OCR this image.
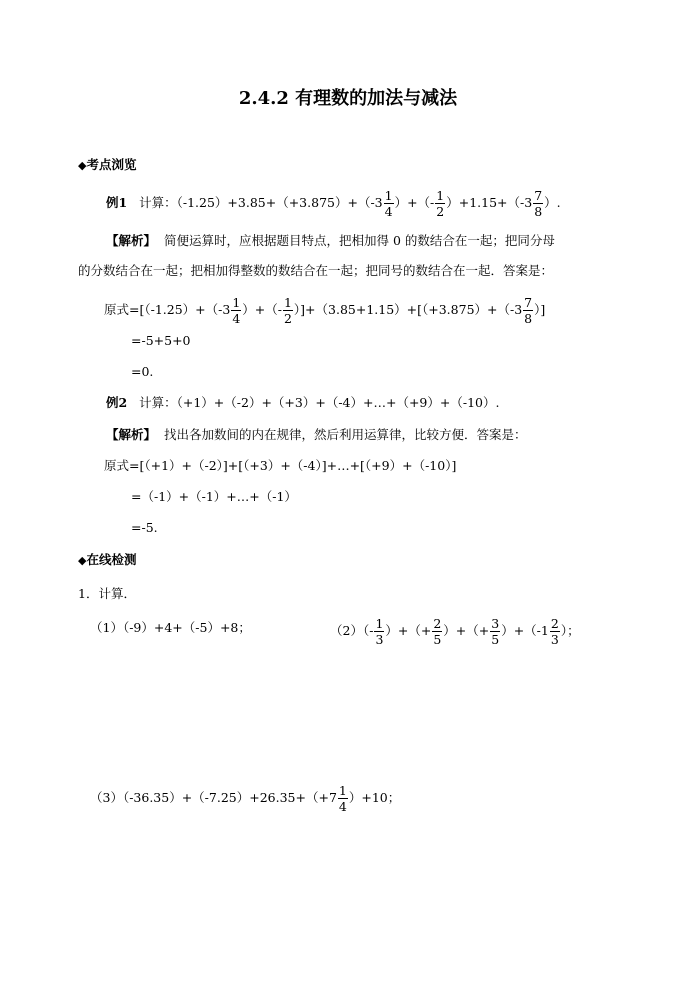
2.4.2 有理数的加法与减法
◆考点浏览
例1 计算：$(-1.25)+3.85+(+3.875)+(-3 \frac{1}{4}$ ）+（- $\frac{1}{2} )+1.15+(-3 \frac{7}{8}$ ）.
【解析】 简便运算时，应根据题目特点，把相加得 0 的数结合在一起；把同分母
的分数结合在一起；把相加得整数的数结合在一起；把同号的数结合在一起．答案是：
原式$=[(-1.25)+(-3 \frac{1}{4}$ ）+（- $\frac{1}{2} )]+(3.85+1.15)+[(+3.875)+(-3 \frac{7}{8}$ ）]
=-5+5+0
=0.
例2 计算：（+1）+（-2）+（+3）+（-4）+…+（+9）+（-10）.
【解析】 找出各加数间的内在规律，然后利用运算律，比较方便．答案是：
原式=[（+1）+（-2）]+[（+3）+（-4）]+…+[（+9）+（-10）]
=（-1）+（-1）+…+（-1）
=-5.
◆在线检测
1．计算．
（1）（-9）+4+（-5）+8；	$(2)(- \frac{1}{3}$ ）+（+ $\frac{2}{5}$ ）+（+ $\frac{3}{5} )+(-1 \frac{2}{3}$ ）；
$(3)(-36.35)+(-7.25)+26.35+(+7 \frac{1}{4} )+10$；
